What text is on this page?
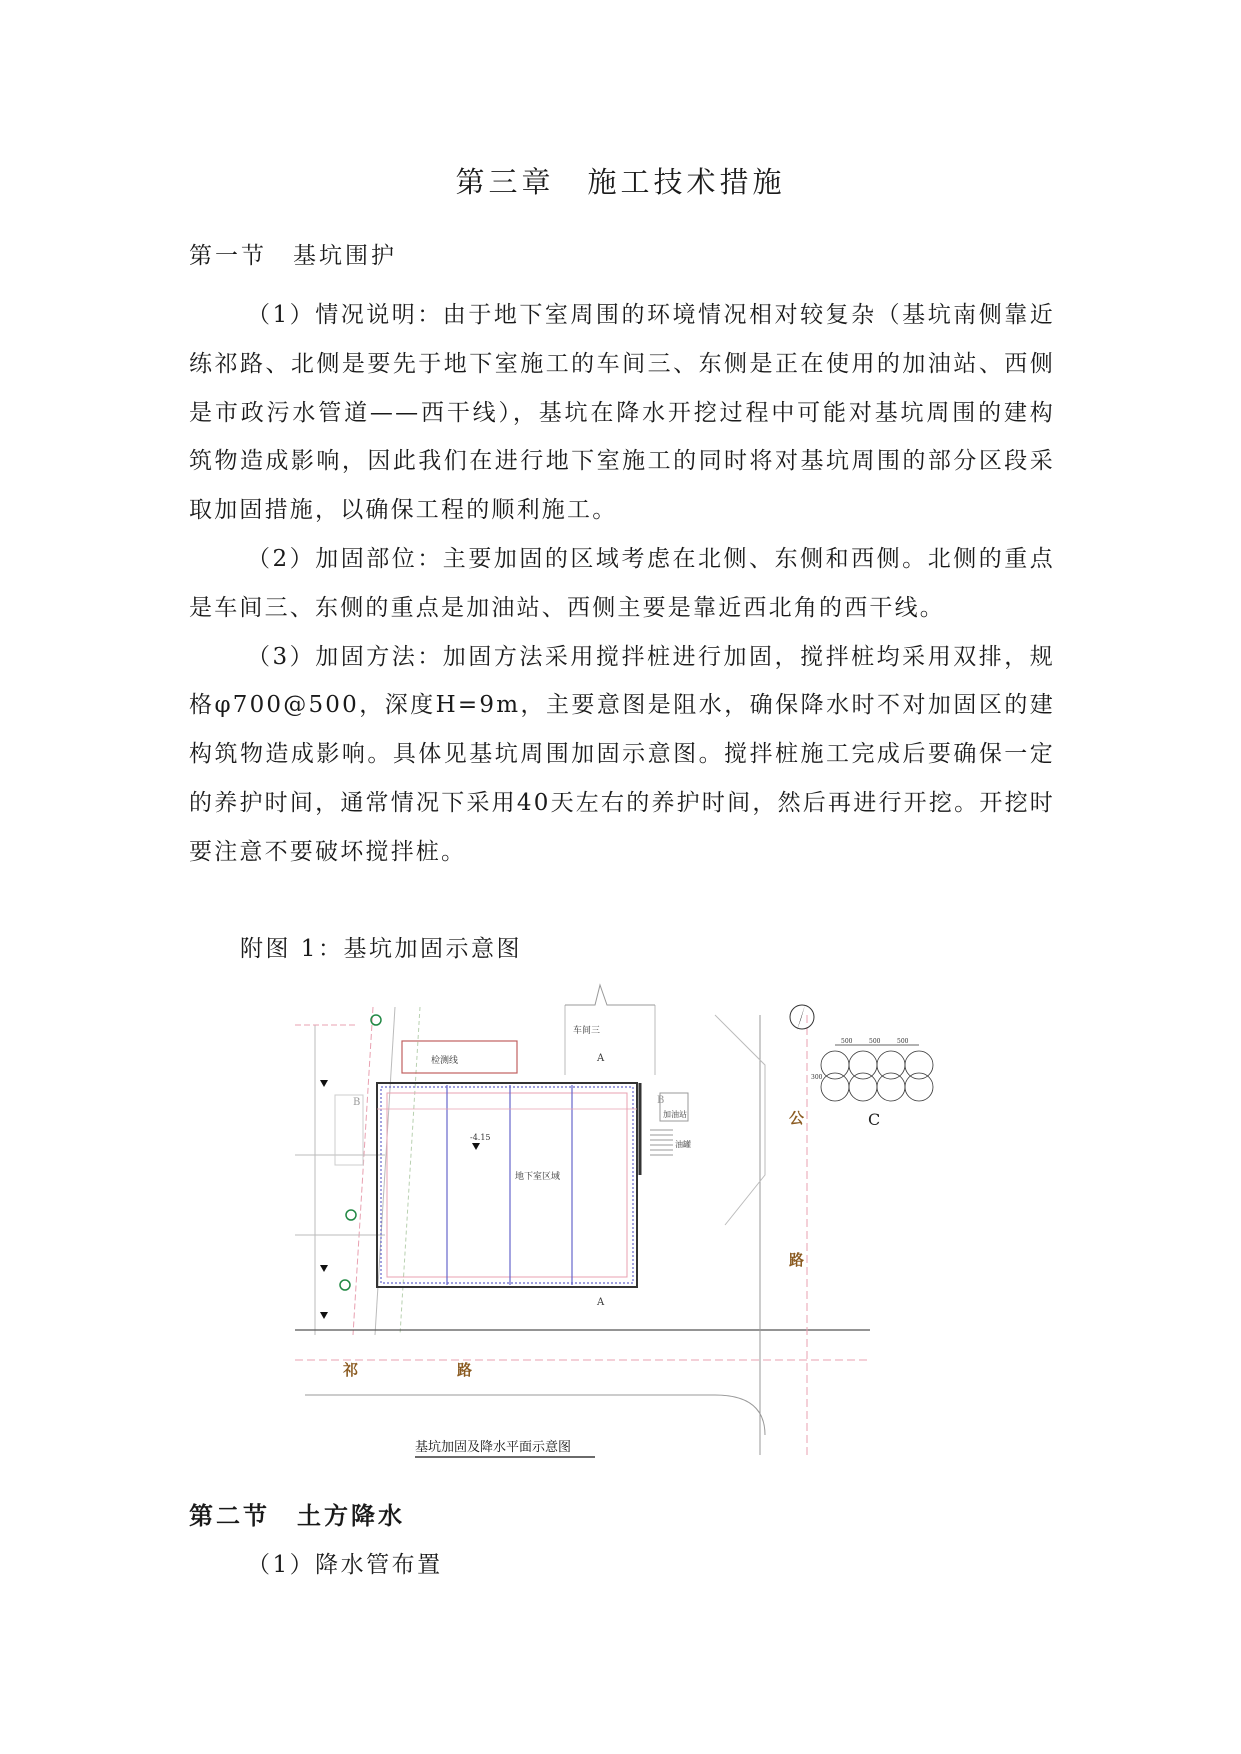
第三章　施工技术措施
第一节　基坑围护

（1）情况说明：由于地下室周围的环境情况相对较复杂（基坑南侧靠近练祁路、北侧是要先于地下室施工的车间三、东侧是正在使用的加油站、西侧是市政污水管道——西干线），基坑在降水开挖过程中可能对基坑周围的建构筑物造成影响，因此我们在进行地下室施工的同时将对基坑周围的部分区段采取加固措施，以确保工程的顺利施工。

（2）加固部位：主要加固的区域考虑在北侧、东侧和西侧。北侧的重点是车间三、东侧的重点是加油站、西侧主要是靠近西北角的西干线。

（3）加固方法：加固方法采用搅拌桩进行加固，搅拌桩均采用双排，规格φ700@500，深度H=9m，主要意图是阻水，确保降水时不对加固区的建构筑物造成影响。具体见基坑周围加固示意图。搅拌桩施工完成后要确保一定的养护时间，通常情况下采用40天左右的养护时间，然后再进行开挖。开挖时要注意不要破坏搅拌桩。

附图 1：基坑加固示意图

检测线
车间三
-4.15
地下室区域
A
A
B	B
加油站
油罐
500	500	500
300
C
公
路
祁	路
基坑加固及降水平面示意图
第二节　土方降水

（1）降水管布置
